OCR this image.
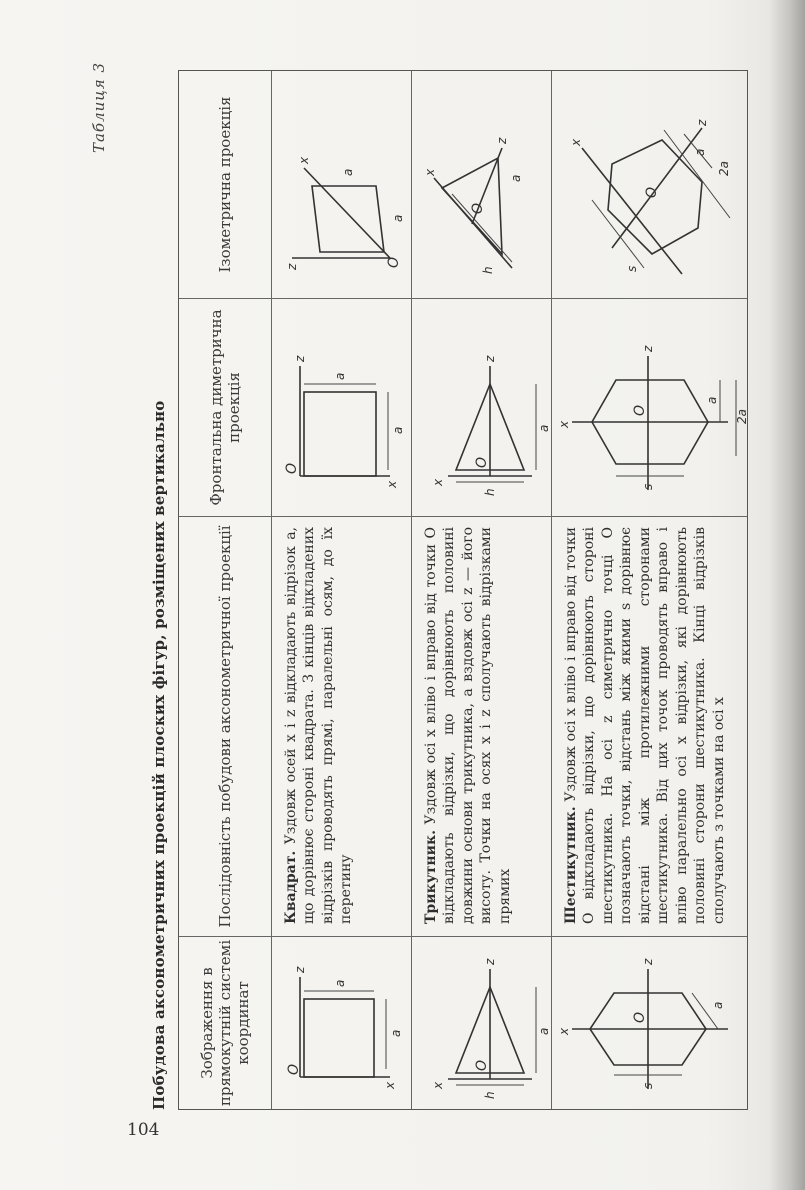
104
Побудова аксонометричних проекцій плоских фігур, розміщених вертикально
Таблиця 3
Зображення в прямокутній системі координат
Послідовність побудови аксонометричної проекції
Фронтальна диметрична проекція
Ізометрична проекція
z
x
O
a
a
Квадрат. Уздовж осей x і z відкладають відрізок a, що дорівнює стороні квадрата. З кінців відкладених відрізків проводять прямі, паралельні осям, до їх перетину
z
x
O
a
a
z
x
O
a
a
z
x
O
h
a
Трикутник. Уздовж осі x вліво і вправо від точки O відкладають відрізки, що дорівнюють половині довжини основи трикутника, а вздовж осі z — його висоту. Точки на осях x і z сполучають відрізками прямих
z
x
O
h
a
z
x
O
h
a
z
x
O
s
a
Шестикутник. Уздовж осі x вліво і вправо від точки O відкладають відрізки, що дорівнюють стороні шестикутника. На осі z симетрично точці O позначають точки, відстань між якими s дорівнює відстані між протилежними сторонами шестикутника. Від цих точок проводять вправо і вліво паралельно осі x відрізки, які дорівнюють половині сторони шестикутника. Кінці відрізків сполучають з точками на осі x
z
x
O
s
a
2a
x
z
O
s
a
2a
